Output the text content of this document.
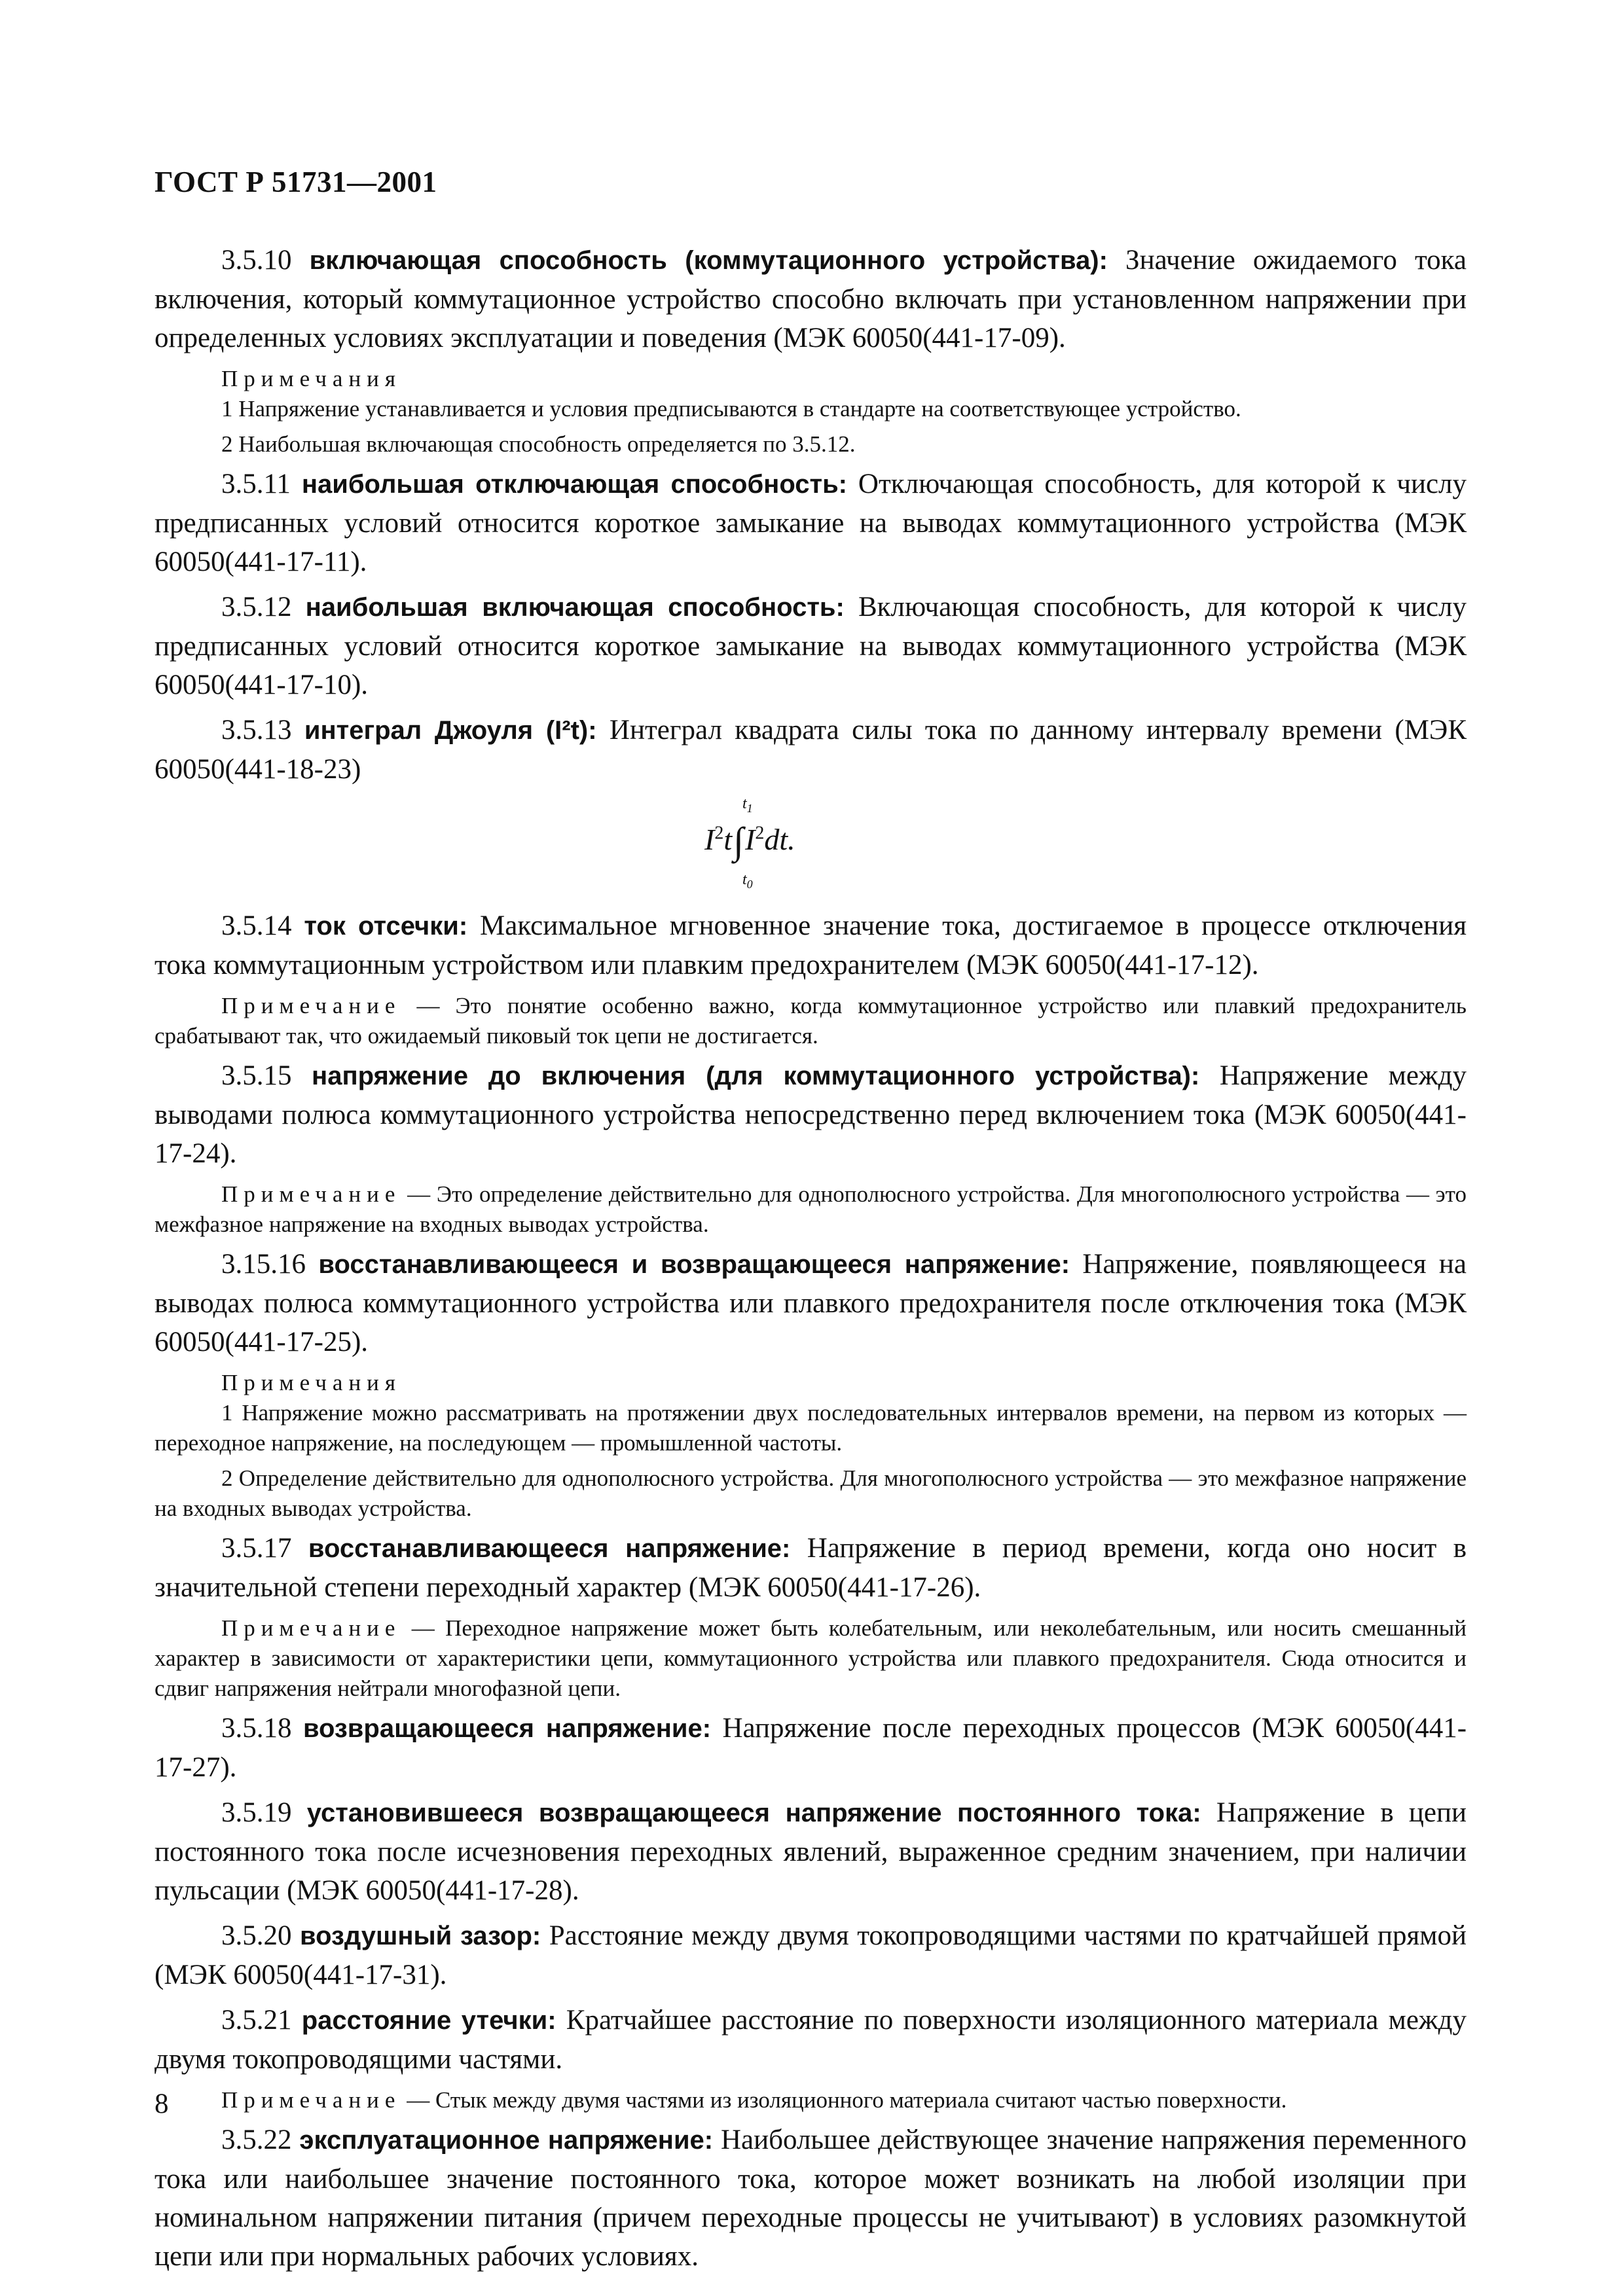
ГОСТ Р 51731—2001

3.5.10 включающая способность (коммутационного устройства): Значение ожидаемого тока включения, который коммутационное устройство способно включать при установленном напряжении при определенных условиях эксплуатации и поведения (МЭК 60050(441-17-09).

Примечания

1 Напряжение устанавливается и условия предписываются в стандарте на соответствующее устройство.

2 Наибольшая включающая способность определяется по 3.5.12.

3.5.11 наибольшая отключающая способность: Отключающая способность, для которой к числу предписанных условий относится короткое замыкание на выводах коммутационного устройства (МЭК 60050(441-17-11).

3.5.12 наибольшая включающая способность: Включающая способность, для которой к числу предписанных условий относится короткое замыкание на выводах коммутационного устройства (МЭК 60050(441-17-10).

3.5.13 интеграл Джоуля (I²t): Интеграл квадрата силы тока по данному интервалу времени (МЭК 60050(441-18-23)

$I^2t\int I^2dt$.
$t_1$
$t_0$

3.5.14 ток отсечки: Максимальное мгновенное значение тока, достигаемое в процессе отключения тока коммутационным устройством или плавким предохранителем (МЭК 60050(441-17-12).

Примечание — Это понятие особенно важно, когда коммутационное устройство или плавкий предохранитель срабатывают так, что ожидаемый пиковый ток цепи не достигается.

3.5.15 напряжение до включения (для коммутационного устройства): Напряжение между выводами полюса коммутационного устройства непосредственно перед включением тока (МЭК 60050(441-17-24).

Примечание — Это определение действительно для однополюсного устройства. Для многополюсного устройства — это межфазное напряжение на входных выводах устройства.

3.15.16 восстанавливающееся и возвращающееся напряжение: Напряжение, появляющееся на выводах полюса коммутационного устройства или плавкого предохранителя после отключения тока (МЭК 60050(441-17-25).

Примечания

1 Напряжение можно рассматривать на протяжении двух последовательных интервалов времени, на первом из которых — переходное напряжение, на последующем — промышленной частоты.

2 Определение действительно для однополюсного устройства. Для многополюсного устройства — это межфазное напряжение на входных выводах устройства.

3.5.17 восстанавливающееся напряжение: Напряжение в период времени, когда оно носит в значительной степени переходный характер (МЭК 60050(441-17-26).

Примечание — Переходное напряжение может быть колебательным, или неколебательным, или носить смешанный характер в зависимости от характеристики цепи, коммутационного устройства или плавкого предохранителя. Сюда относится и сдвиг напряжения нейтрали многофазной цепи.

3.5.18 возвращающееся напряжение: Напряжение после переходных процессов (МЭК 60050(441-17-27).

3.5.19 установившееся возвращающееся напряжение постоянного тока: Напряжение в цепи постоянного тока после исчезновения переходных явлений, выраженное средним значением, при наличии пульсации (МЭК 60050(441-17-28).

3.5.20 воздушный зазор: Расстояние между двумя токопроводящими частями по кратчайшей прямой (МЭК 60050(441-17-31).

3.5.21 расстояние утечки: Кратчайшее расстояние по поверхности изоляционного материала между двумя токопроводящими частями.

Примечание — Стык между двумя частями из изоляционного материала считают частью поверхности.

3.5.22 эксплуатационное напряжение: Наибольшее действующее значение напряжения переменного тока или наибольшее значение постоянного тока, которое может возникать на любой изоляции при номинальном напряжении питания (причем переходные процессы не учитывают) в условиях разомкнутой цепи или при нормальных рабочих условиях.

8
